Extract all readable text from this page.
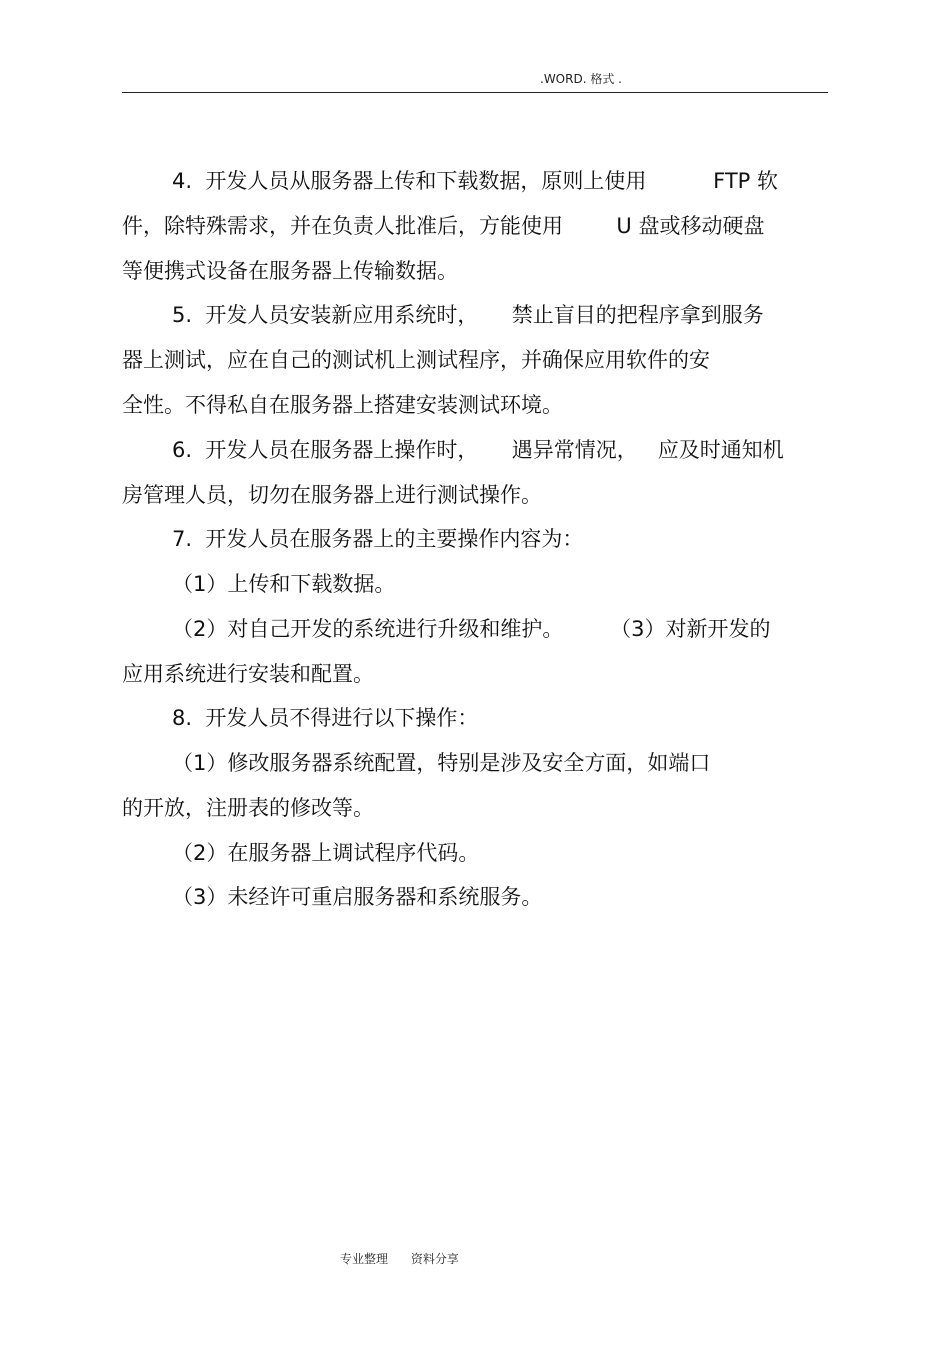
.WORD. 格式 .
4.  开发人员从服务器上传和下载数据，原则上使用          FTP 软
件，除特殊需求，并在负责人批准后，方能使用        U 盘或移动硬盘
等便携式设备在服务器上传输数据。
5.  开发人员安装新应用系统时，     禁止盲目的把程序拿到服务
器上测试，应在自己的测试机上测试程序，并确保应用软件的安
全性。不得私自在服务器上搭建安装测试环境。
6.  开发人员在服务器上操作时，     遇异常情况，   应及时通知机
房管理人员，切勿在服务器上进行测试操作。
7.  开发人员在服务器上的主要操作内容为：
（1）上传和下载数据。
（2）对自己开发的系统进行升级和维护。       （3）对新开发的
应用系统进行安装和配置。
8.  开发人员不得进行以下操作：
（1）修改服务器系统配置，特别是涉及安全方面，如端口
的开放，注册表的修改等。
（2）在服务器上调试程序代码。
（3）未经许可重启服务器和系统服务。
专业整理      资料分享
